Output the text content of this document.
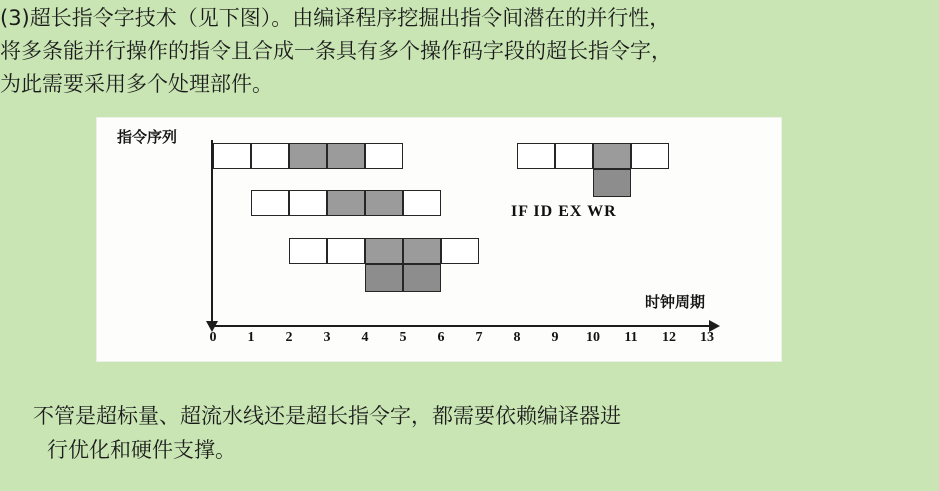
(3)超长指令字技术（见下图）。由编译程序挖掘出指令间潜在的并行性，
将多条能并行操作的指令且合成一条具有多个操作码字段的超长指令字，
为此需要采用多个处理部件。
指令序列
时钟周期
IF ID EX WR
0 1 2 3 4 5 6 7 8 9 10 11 12 13
不管是超标量、超流水线还是超长指令字，都需要依赖编译器进
行优化和硬件支撑。
